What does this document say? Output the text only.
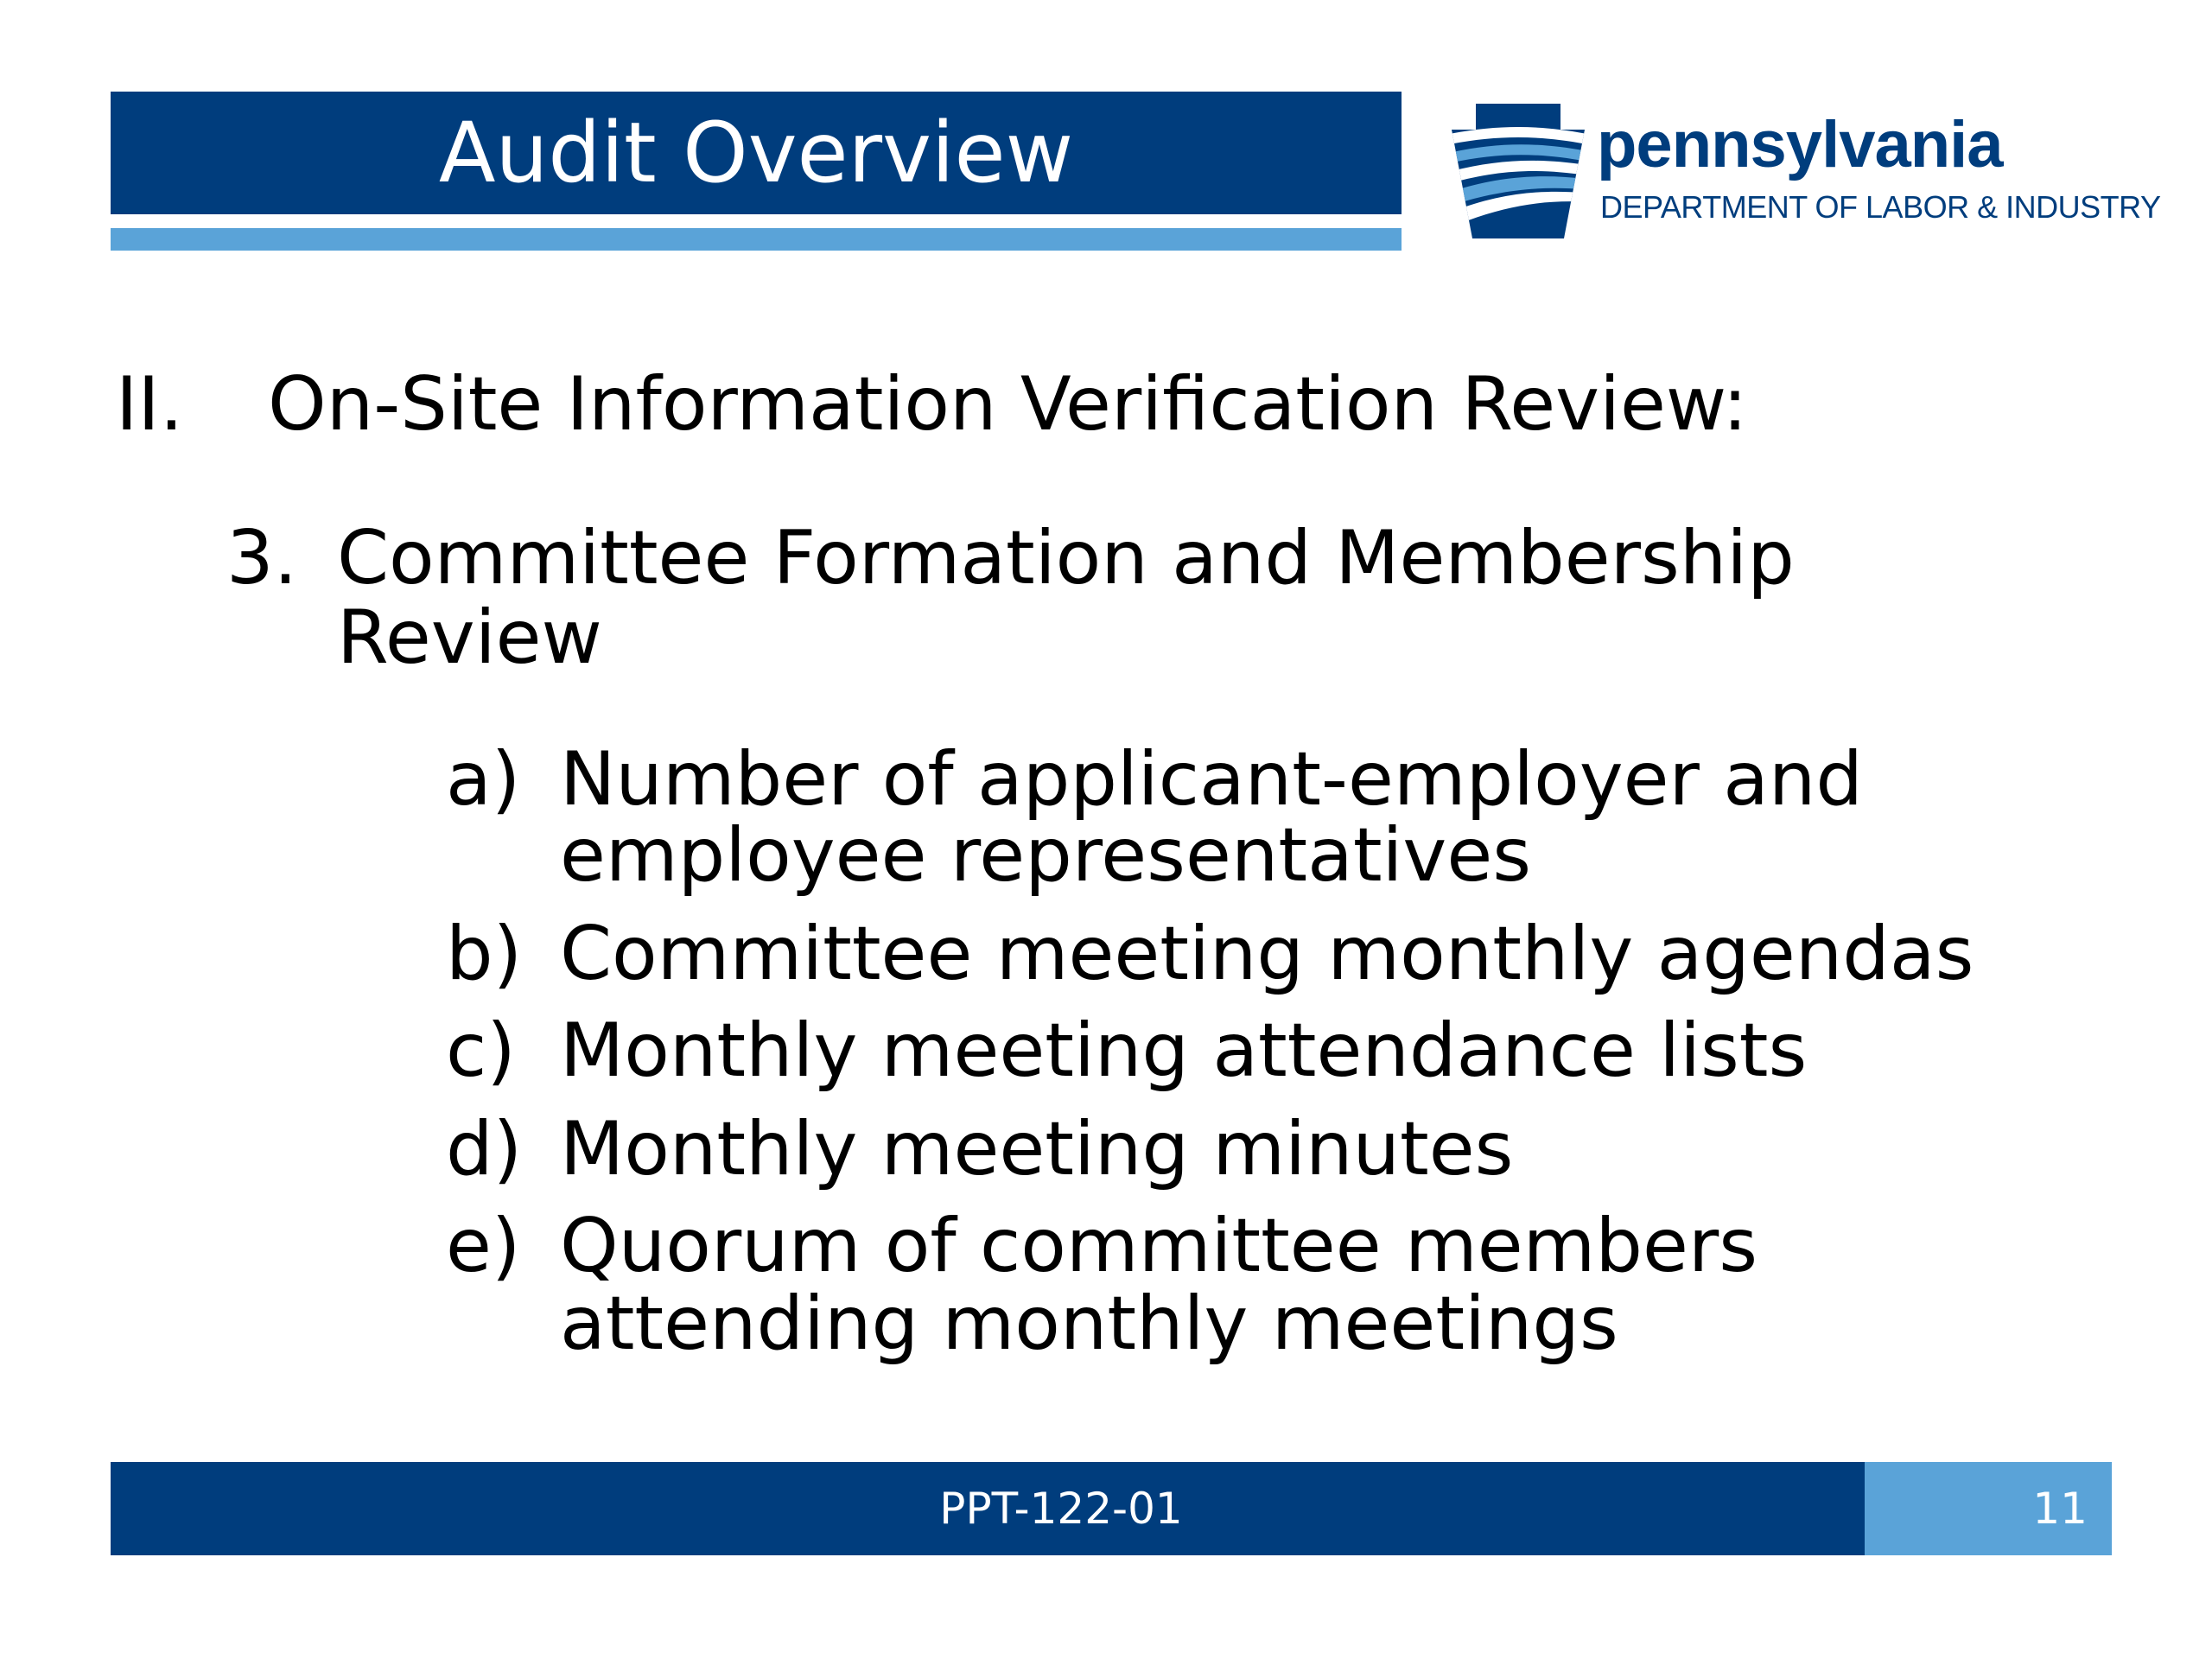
Audit Overview	pennsylvania
DEPARTMENT OF LABOR & INDUSTRY
II. On-Site Information Verification Review:
3. Committee Formation and Membership
Review
a) Number of applicant-employer and
employee representatives
b) Committee meeting monthly agendas
c) Monthly meeting attendance lists
d) Monthly meeting minutes
e) Quorum of committee members
attending monthly meetings
11
PPT-122-01
